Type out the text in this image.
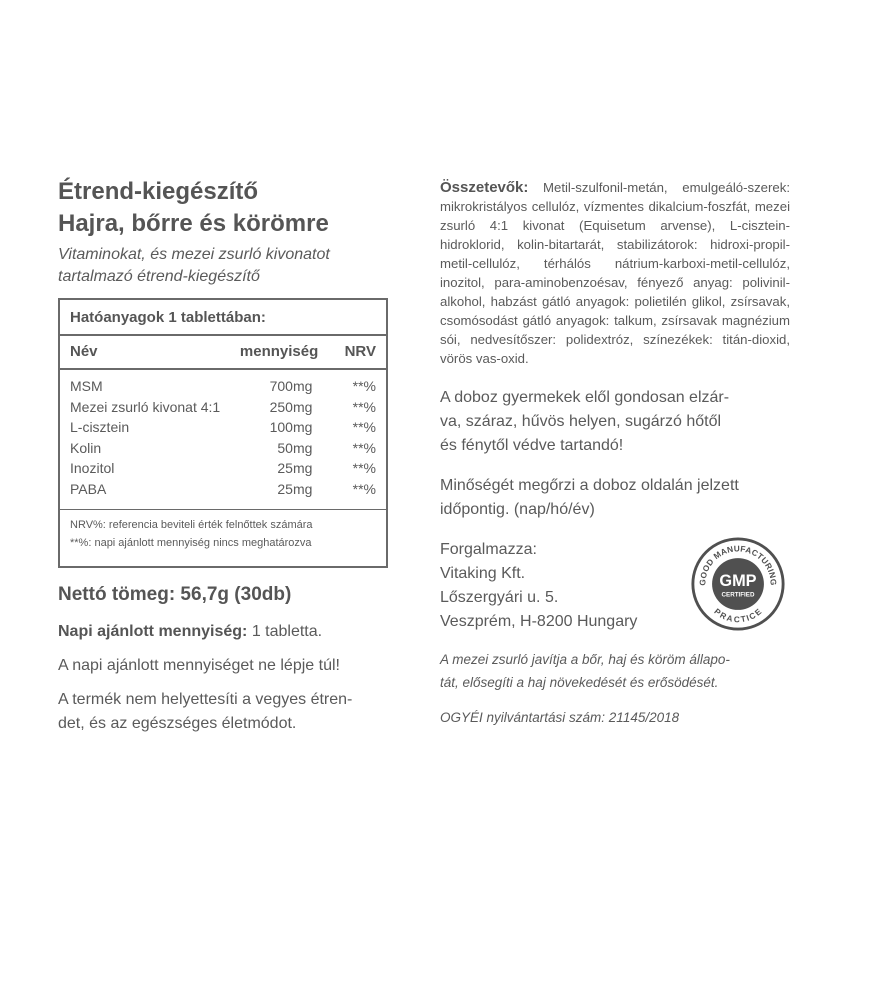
Étrend-kiegészítő
Hajra, bőrre és körömre
Vitaminokat, és mezei zsurló kivonatot
tartalmazó étrend-kiegészítő
Hatóanyagok 1 tablettában:
Név	mennyiség	NRV
MSM	700mg	**%
Mezei zsurló kivonat 4:1	250mg	**%
L-cisztein	100mg	**%
Kolin	50mg	**%
Inozitol	25mg	**%
PABA	25mg	**%
NRV%: referencia beviteli érték felnőttek számára
**%: napi ajánlott mennyiség nincs meghatározva
Nettó tömeg: 56,7g (30db)
Napi ajánlott mennyiség: 1 tabletta.
A napi ajánlott mennyiséget ne lépje túl!
A termék nem helyettesíti a vegyes étren-
det, és az egészséges életmódot.
Összetevők: Metil-szulfonil-metán, emulgeáló-szerek: mikrokristályos cellulóz, vízmentes dikalcium-foszfát, mezei zsurló 4:1 kivonat (Equisetum arvense), L-cisztein-hidroklorid, kolin-bitartarát, stabilizátorok: hidroxi-propil-metil-cellulóz, térhálós nátrium-karboxi-metil-cellulóz, inozitol, para-aminobenzoésav, fényező anyag: polivinil-alkohol, habzást gátló anyagok: polietilén glikol, zsírsavak, csomósodást gátló anyagok: talkum, zsírsavak magnézium sói, nedvesítőszer: polidextróz, színezékek: titán-dioxid, vörös vas-oxid.
A doboz gyermekek elől gondosan elzár-
va, száraz, hűvös helyen, sugárzó hőtől
és fénytől védve tartandó!
Minőségét megőrzi a doboz oldalán jelzett
időpontig. (nap/hó/év)
Forgalmazza:
Vitaking Kft.
Lőszergyári u. 5.
Veszprém, H-8200 Hungary
A mezei zsurló javítja a bőr, haj és köröm állapo-
tát, elősegíti a haj növekedését és erősödését.
OGYÉI nyilvántartási szám: 21145/2018
GOOD MANUFACTURING
PRACTICE
GMP
CERTIFIED
